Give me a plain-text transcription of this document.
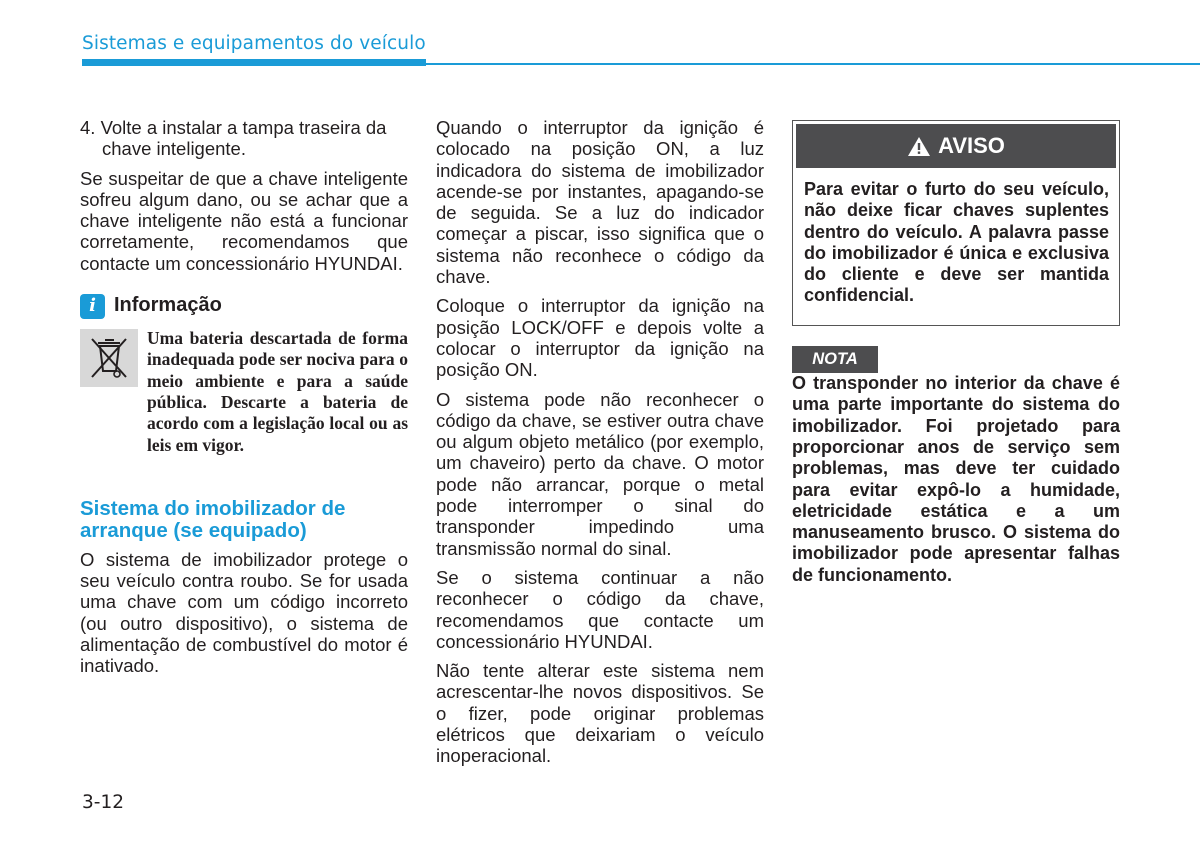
Sistemas e equipamentos do veículo

4. Volte a instalar a tampa traseira da chave inteligente.

Se suspeitar de que a chave inteligente sofreu algum dano, ou se achar que a chave inteligente não está a funcionar corretamente, recomendamos que contacte um concessionário HYUNDAI.

i Informação

Uma bateria descartada de forma inadequada pode ser nociva para o meio ambiente e para a saúde pública. Descarte a bateria de acordo com a legislação local ou as leis em vigor.

Sistema do imobilizador de arranque (se equipado)

O sistema de imobilizador protege o seu veículo contra roubo. Se for usada uma chave com um código incorreto (ou outro dispositivo), o sistema de alimentação de combustível do motor é inativado.

Quando o interruptor da ignição é colocado na posição ON, a luz indicadora do sistema de imobilizador acende-se por instantes, apagando-se de seguida. Se a luz do indicador começar a piscar, isso significa que o sistema não reconhece o código da chave.

Coloque o interruptor da ignição na posição LOCK/OFF e depois volte a colocar o interruptor da ignição na posição ON.

O sistema pode não reconhecer o código da chave, se estiver outra chave ou algum objeto metálico (por exemplo, um chaveiro) perto da chave. O motor pode não arrancar, porque o metal pode interromper o sinal do transponder impedindo uma transmissão normal do sinal.

Se o sistema continuar a não reconhecer o código da chave, recomendamos que contacte um concessionário HYUNDAI.

Não tente alterar este sistema nem acrescentar-lhe novos dispositivos. Se o fizer, pode originar problemas elétricos que deixariam o veículo inoperacional.

AVISO

Para evitar o furto do seu veículo, não deixe ficar chaves suplentes dentro do veículo. A palavra passe do imobilizador é única e exclusiva do cliente e deve ser mantida confidencial.

NOTA

O transponder no interior da chave é uma parte importante do sistema do imobilizador. Foi projetado para proporcionar anos de serviço sem problemas, mas deve ter cuidado para evitar expô-lo a humidade, eletricidade estática e a um manuseamento brusco. O sistema do imobilizador pode apresentar falhas de funcionamento.

3-12
